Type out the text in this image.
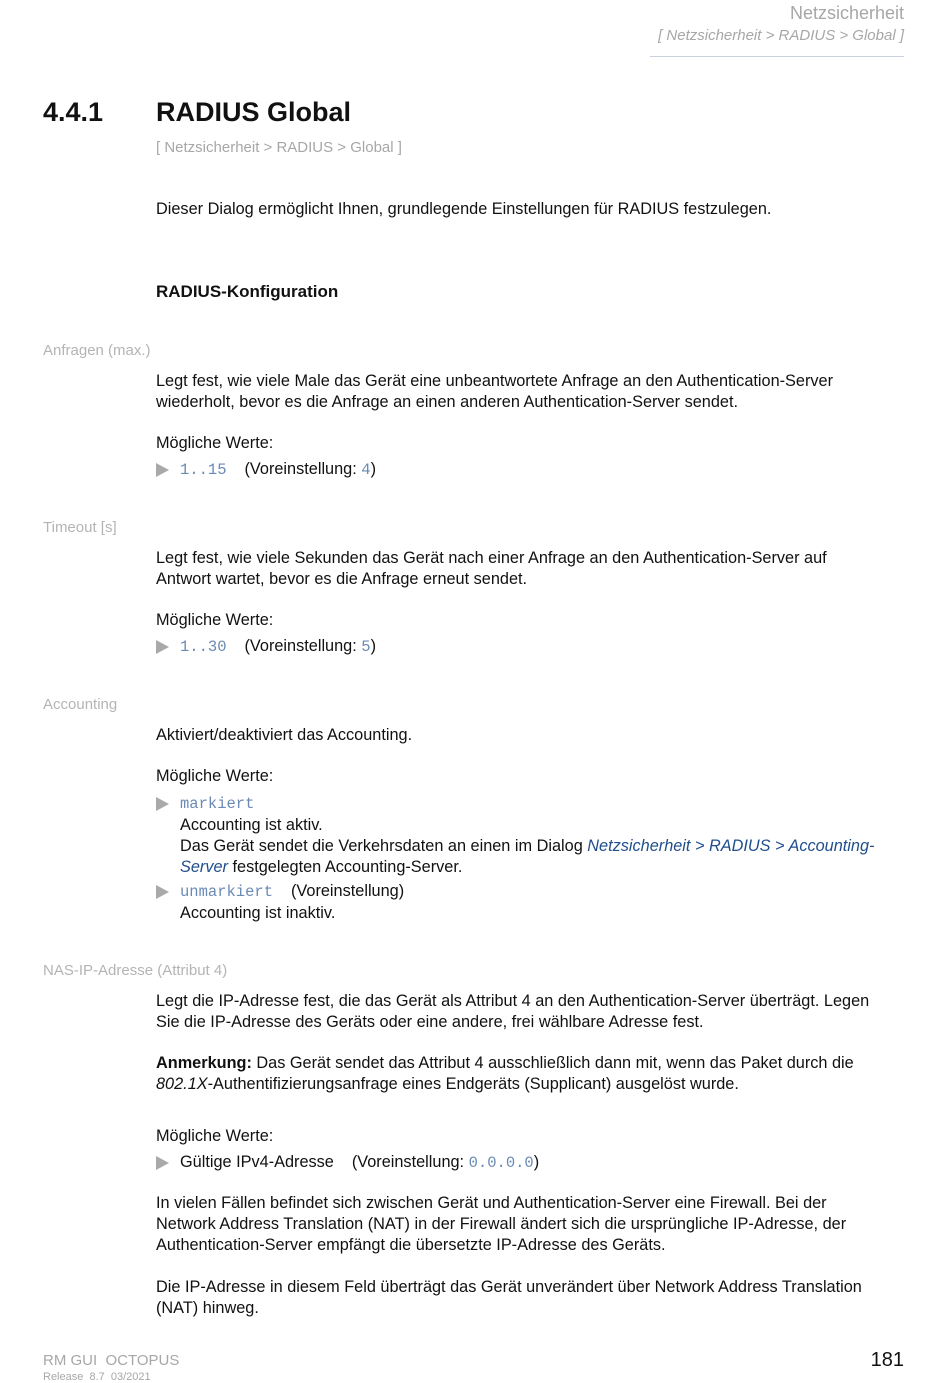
Netzsicherheit
[ Netzsicherheit > RADIUS > Global ]
4.4.1 RADIUS Global
[ Netzsicherheit > RADIUS > Global ]
Dieser Dialog ermöglicht Ihnen, grundlegende Einstellungen für RADIUS festzulegen.
RADIUS-Konfiguration
Anfragen (max.)
Legt fest, wie viele Male das Gerät eine unbeantwortete Anfrage an den Authentication-Server
wiederholt, bevor es die Anfrage an einen anderen Authentication-Server sendet.
Mögliche Werte:
1..15 (Voreinstellung: 4)
Timeout [s]
Legt fest, wie viele Sekunden das Gerät nach einer Anfrage an den Authentication-Server auf
Antwort wartet, bevor es die Anfrage erneut sendet.
Mögliche Werte:
1..30 (Voreinstellung: 5)
Accounting
Aktiviert/deaktiviert das Accounting.
Mögliche Werte:
markiert
Accounting ist aktiv.
Das Gerät sendet die Verkehrsdaten an einen im Dialog Netzsicherheit > RADIUS > Accounting-
Server festgelegten Accounting-Server.
unmarkiert (Voreinstellung)
Accounting ist inaktiv.
NAS-IP-Adresse (Attribut 4)
Legt die IP-Adresse fest, die das Gerät als Attribut 4 an den Authentication-Server überträgt. Legen
Sie die IP-Adresse des Geräts oder eine andere, frei wählbare Adresse fest.
Anmerkung: Das Gerät sendet das Attribut 4 ausschließlich dann mit, wenn das Paket durch die
802.1X-Authentifizierungsanfrage eines Endgeräts (Supplicant) ausgelöst wurde.
Mögliche Werte:
Gültige IPv4-Adresse (Voreinstellung: 0.0.0.0)
In vielen Fällen befindet sich zwischen Gerät und Authentication-Server eine Firewall. Bei der
Network Address Translation (NAT) in der Firewall ändert sich die ursprüngliche IP-Adresse, der
Authentication-Server empfängt die übersetzte IP-Adresse des Geräts.
Die IP-Adresse in diesem Feld überträgt das Gerät unverändert über Network Address Translation
(NAT) hinweg.
RM GUI  OCTOPUS
Release  8.7  03/2021
181
